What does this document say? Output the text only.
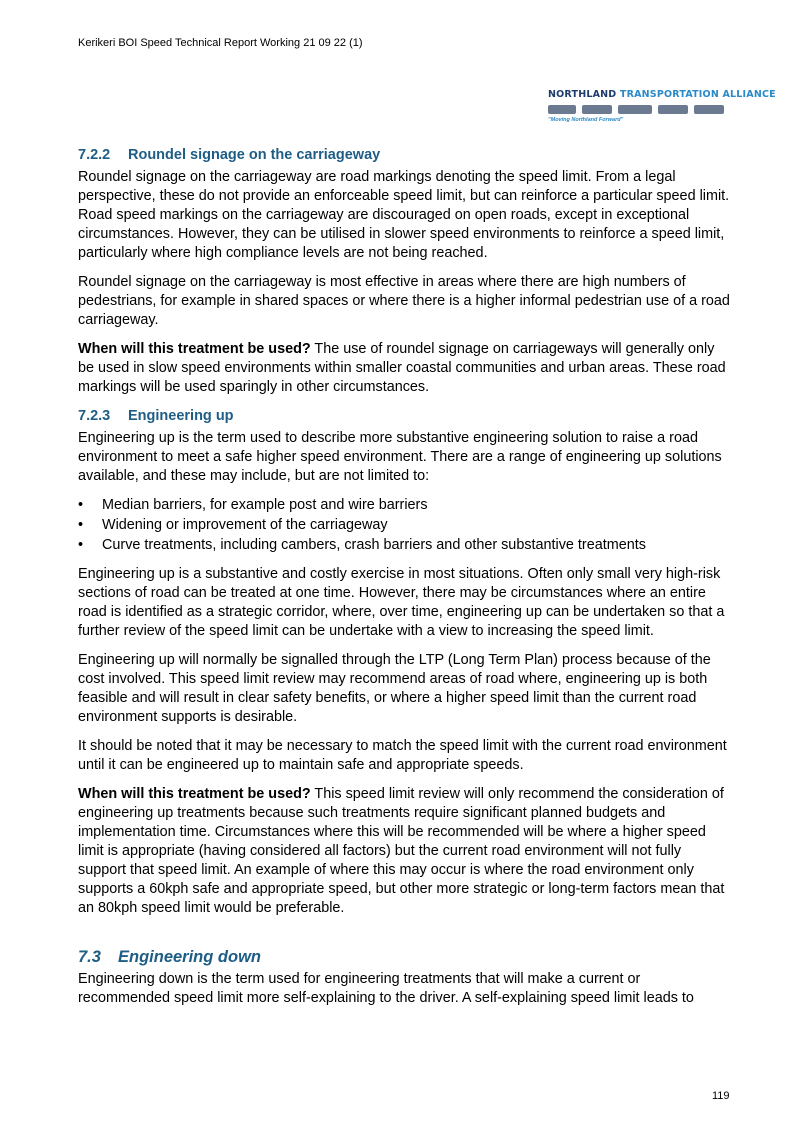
Kerikeri BOI Speed Technical Report Working 21 09 22 (1)
NORTHLAND TRANSPORTATION ALLIANCE
"Moving Northland Forward"
7.2.2 Roundel signage on the carriageway

Roundel signage on the carriageway are road markings denoting the speed limit. From a legal perspective, these do not provide an enforceable speed limit, but can reinforce a particular speed limit. Road speed markings on the carriageway are discouraged on open roads, except in exceptional circumstances. However, they can be utilised in slower speed environments to reinforce a speed limit, particularly where high compliance levels are not being reached.

Roundel signage on the carriageway is most effective in areas where there are high numbers of pedestrians, for example in shared spaces or where there is a higher informal pedestrian use of a road carriageway.

When will this treatment be used? The use of roundel signage on carriageways will generally only be used in slow speed environments within smaller coastal communities and urban areas. These road markings will be used sparingly in other circumstances.

7.2.3 Engineering up

Engineering up is the term used to describe more substantive engineering solution to raise a road environment to meet a safe higher speed environment. There are a range of engineering up solutions available, and these may include, but are not limited to:

• Median barriers, for example post and wire barriers
• Widening or improvement of the carriageway
• Curve treatments, including cambers, crash barriers and other substantive treatments

Engineering up is a substantive and costly exercise in most situations. Often only small very high-risk sections of road can be treated at one time. However, there may be circumstances where an entire road is identified as a strategic corridor, where, over time, engineering up can be undertaken so that a further review of the speed limit can be undertake with a view to increasing the speed limit.

Engineering up will normally be signalled through the LTP (Long Term Plan) process because of the cost involved. This speed limit review may recommend areas of road where, engineering up is both feasible and will result in clear safety benefits, or where a higher speed limit than the current road environment supports is desirable.

It should be noted that it may be necessary to match the speed limit with the current road environment until it can be engineered up to maintain safe and appropriate speeds.

When will this treatment be used? This speed limit review will only recommend the consideration of engineering up treatments because such treatments require significant planned budgets and implementation time. Circumstances where this will be recommended will be where a higher speed limit is appropriate (having considered all factors) but the current road environment will not fully support that speed limit. An example of where this may occur is where the road environment only supports a 60kph safe and appropriate speed, but other more strategic or long-term factors mean that an 80kph speed limit would be preferable.

7.3 Engineering down

Engineering down is the term used for engineering treatments that will make a current or recommended speed limit more self-explaining to the driver. A self-explaining speed limit leads to

119
